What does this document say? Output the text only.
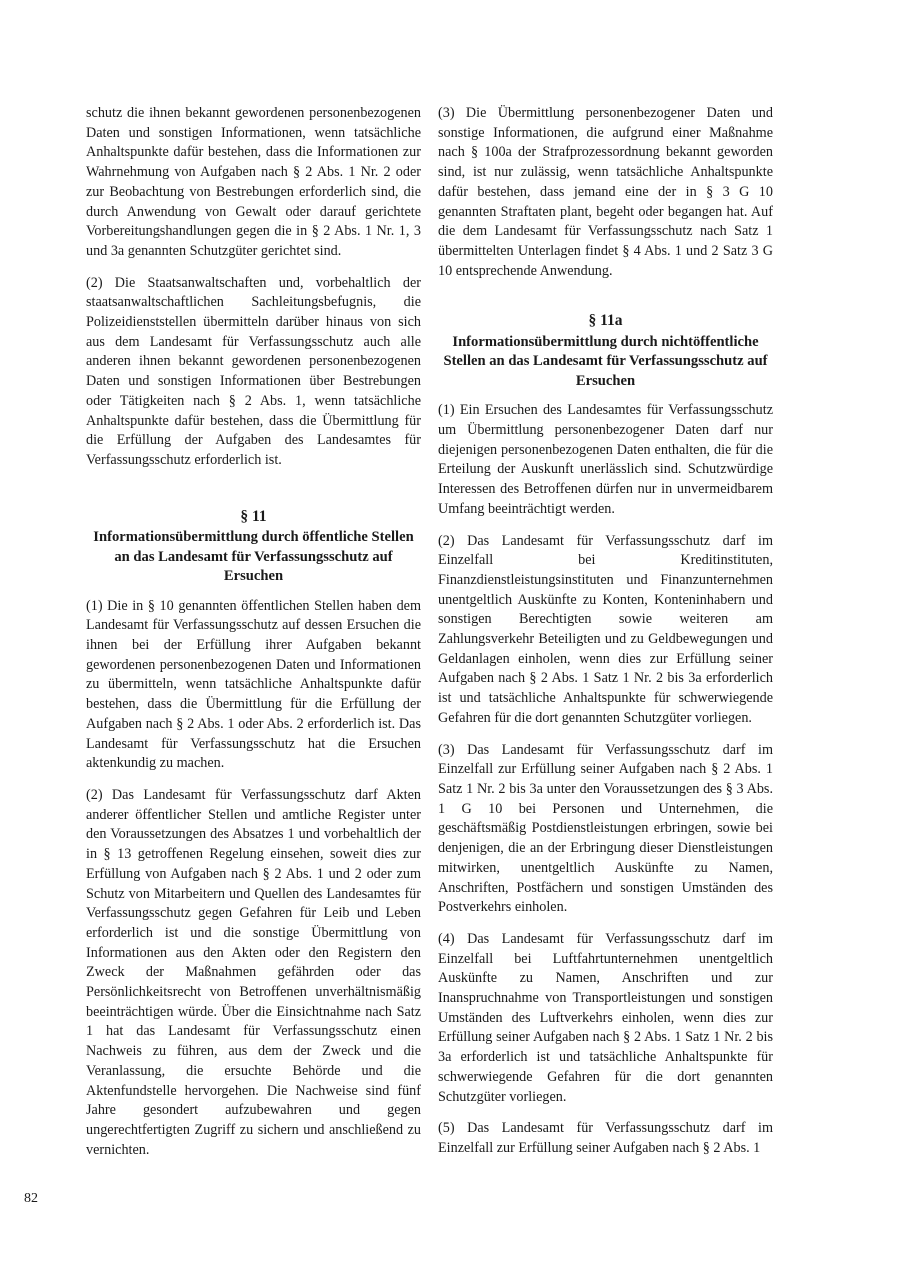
schutz die ihnen bekannt gewordenen personenbezogenen Daten und sonstigen Informationen, wenn tatsächliche Anhaltspunkte dafür bestehen, dass die Informationen zur Wahrnehmung von Aufgaben nach § 2 Abs. 1 Nr. 2 oder zur Beobachtung von Bestrebungen erforderlich sind, die durch Anwendung von Gewalt oder darauf gerichtete Vorbereitungshandlungen gegen die in § 2 Abs. 1 Nr. 1, 3 und 3a genannten Schutzgüter gerichtet sind.

(2) Die Staatsanwaltschaften und, vorbehaltlich der staatsanwaltschaftlichen Sachleitungsbefugnis, die Polizeidienststellen übermitteln darüber hinaus von sich aus dem Landesamt für Verfassungsschutz auch alle anderen ihnen bekannt gewordenen personenbezogenen Daten und sonstigen Informationen über Bestrebungen oder Tätigkeiten nach § 2 Abs. 1, wenn tatsächliche Anhaltspunkte dafür bestehen, dass die Übermittlung für die Erfüllung der Aufgaben des Landesamtes für Verfassungsschutz erforderlich ist.

§ 11
Informationsübermittlung durch öffentliche Stellen an das Landesamt für Verfassungsschutz auf Ersuchen

(1) Die in § 10 genannten öffentlichen Stellen haben dem Landesamt für Verfassungsschutz auf dessen Ersuchen die ihnen bei der Erfüllung ihrer Aufgaben bekannt gewordenen personenbezogenen Daten und Informationen zu übermitteln, wenn tatsächliche Anhaltspunkte dafür bestehen, dass die Übermittlung für die Erfüllung der Aufgaben nach § 2 Abs. 1 oder Abs. 2 erforderlich ist. Das Landesamt für Verfassungsschutz hat die Ersuchen aktenkundig zu machen.

(2) Das Landesamt für Verfassungsschutz darf Akten anderer öffentlicher Stellen und amtliche Register unter den Voraussetzungen des Absatzes 1 und vorbehaltlich der in § 13 getroffenen Regelung einsehen, soweit dies zur Erfüllung von Aufgaben nach § 2 Abs. 1 und 2 oder zum Schutz von Mitarbeitern und Quellen des Landesamtes für Verfassungsschutz gegen Gefahren für Leib und Leben erforderlich ist und die sonstige Übermittlung von Informationen aus den Akten oder den Registern den Zweck der Maßnahmen gefährden oder das Persönlichkeitsrecht von Betroffenen unverhältnismäßig beeinträchtigen würde. Über die Einsichtnahme nach Satz 1 hat das Landesamt für Verfassungsschutz einen Nachweis zu führen, aus dem der Zweck und die Veranlassung, die ersuchte Behörde und die Aktenfundstelle hervorgehen. Die Nachweise sind fünf Jahre gesondert aufzubewahren und gegen ungerechtfertigten Zugriff zu sichern und anschließend zu vernichten.

(3) Die Übermittlung personenbezogener Daten und sonstige Informationen, die aufgrund einer Maßnahme nach § 100a der Strafprozessordnung bekannt geworden sind, ist nur zulässig, wenn tatsächliche Anhaltspunkte dafür bestehen, dass jemand eine der in § 3 G 10 genannten Straftaten plant, begeht oder begangen hat. Auf die dem Landesamt für Verfassungsschutz nach Satz 1 übermittelten Unterlagen findet § 4 Abs. 1 und 2 Satz 3 G 10 entsprechende Anwendung.

§ 11a
Informationsübermittlung durch nichtöffentliche Stellen an das Landesamt für Verfassungsschutz auf Ersuchen

(1) Ein Ersuchen des Landesamtes für Verfassungsschutz um Übermittlung personenbezogener Daten darf nur diejenigen personenbezogenen Daten enthalten, die für die Erteilung der Auskunft unerlässlich sind. Schutzwürdige Interessen des Betroffenen dürfen nur in unvermeidbarem Umfang beeinträchtigt werden.

(2) Das Landesamt für Verfassungsschutz darf im Einzelfall bei Kreditinstituten, Finanzdienstleistungsinstituten und Finanzunternehmen unentgeltlich Auskünfte zu Konten, Konteninhabern und sonstigen Berechtigten sowie weiteren am Zahlungsverkehr Beteiligten und zu Geldbewegungen und Geldanlagen einholen, wenn dies zur Erfüllung seiner Aufgaben nach § 2 Abs. 1 Satz 1 Nr. 2 bis 3a erforderlich ist und tatsächliche Anhaltspunkte für schwerwiegende Gefahren für die dort genannten Schutzgüter vorliegen.

(3) Das Landesamt für Verfassungsschutz darf im Einzelfall zur Erfüllung seiner Aufgaben nach § 2 Abs. 1 Satz 1 Nr. 2 bis 3a unter den Voraussetzungen des § 3 Abs. 1 G 10 bei Personen und Unternehmen, die geschäftsmäßig Postdienstleistungen erbringen, sowie bei denjenigen, die an der Erbringung dieser Dienstleistungen mitwirken, unentgeltlich Auskünfte zu Namen, Anschriften, Postfächern und sonstigen Umständen des Postverkehrs einholen.

(4) Das Landesamt für Verfassungsschutz darf im Einzelfall bei Luftfahrtunternehmen unentgeltlich Auskünfte zu Namen, Anschriften und zur Inanspruchnahme von Transportleistungen und sonstigen Umständen des Luftverkehrs einholen, wenn dies zur Erfüllung seiner Aufgaben nach § 2 Abs. 1 Satz 1 Nr. 2 bis 3a erforderlich ist und tatsächliche Anhaltspunkte für schwerwiegende Gefahren für die dort genannten Schutzgüter vorliegen.

(5) Das Landesamt für Verfassungsschutz darf im Einzelfall zur Erfüllung seiner Aufgaben nach § 2 Abs. 1

82
